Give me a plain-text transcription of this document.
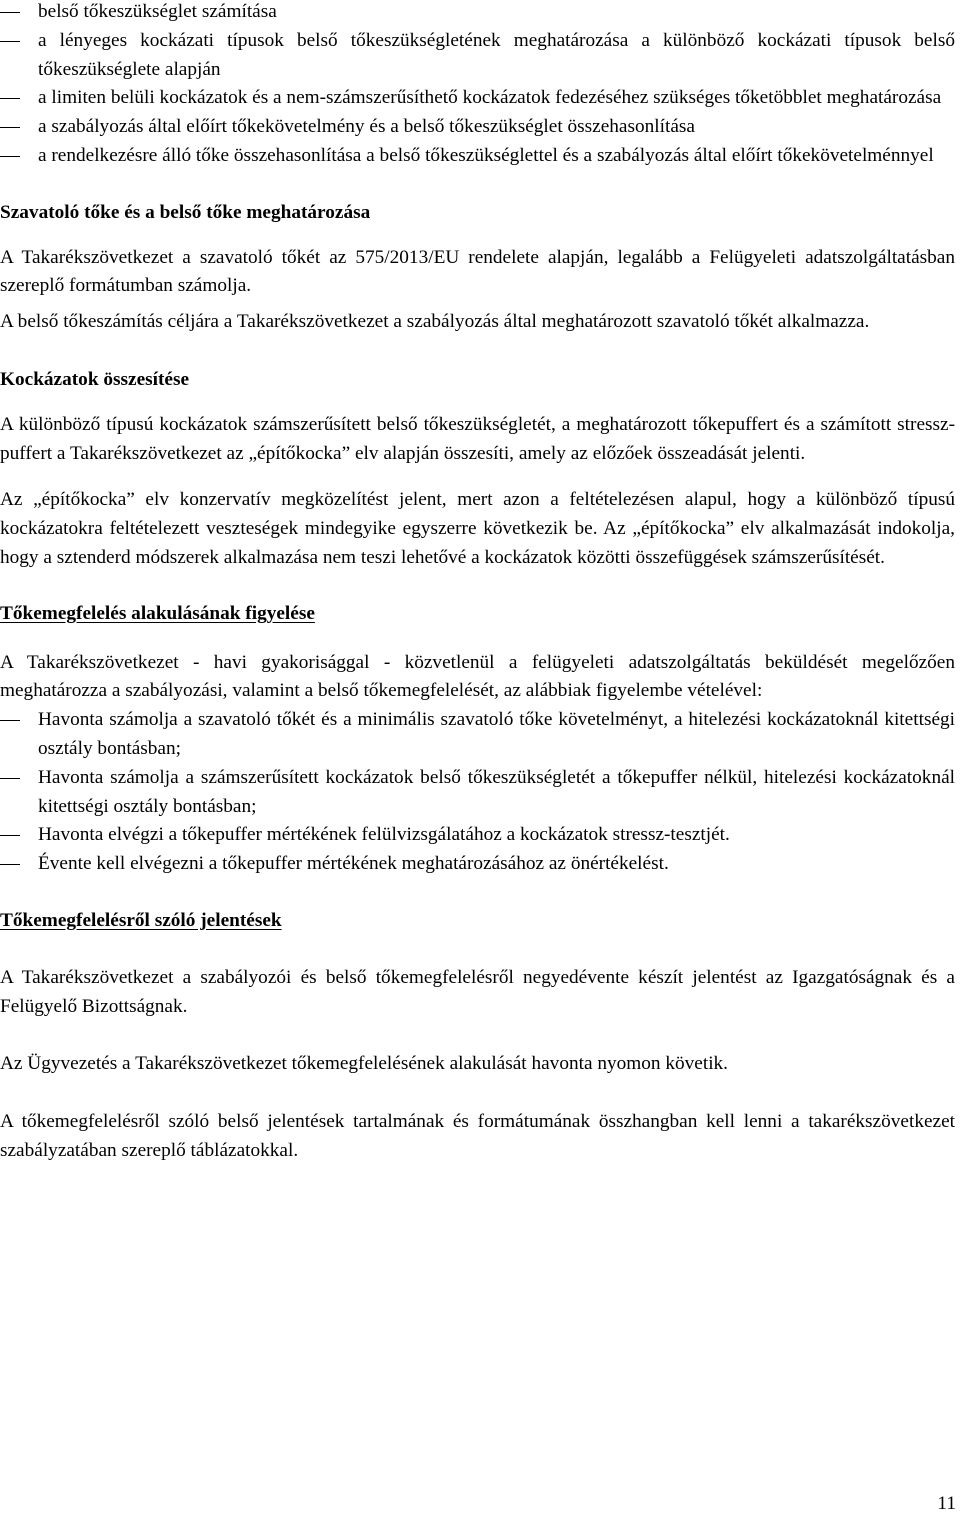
belső tőkeszükséglet számítása
a lényeges kockázati típusok belső tőkeszükségletének meghatározása a különböző kockázati típusok belső tőkeszükséglete alapján
a limiten belüli kockázatok és a nem-számszerűsíthető kockázatok fedezéséhez szükséges tőketöbblet meghatározása
a szabályozás által előírt tőkekövetelmény és a belső tőkeszükséglet összehasonlítása
a rendelkezésre álló tőke összehasonlítása a belső tőkeszükséglettel és a szabályozás által előírt tőkekövetelménnyel
Szavatoló tőke és a belső tőke meghatározása

A Takarékszövetkezet a szavatoló tőkét az 575/2013/EU rendelete alapján, legalább a Felügyeleti adatszolgáltatásban szereplő formátumban számolja.

A belső tőkeszámítás céljára a Takarékszövetkezet a szabályozás által meghatározott szavatoló tőkét alkalmazza.

Kockázatok összesítése

A különböző típusú kockázatok számszerűsített belső tőkeszükségletét, a meghatározott tőkepuffert és a számított stressz-puffert a Takarékszövetkezet az „építőkocka” elv alapján összesíti, amely az előzőek összeadását jelenti.

Az „építőkocka” elv konzervatív megközelítést jelent, mert azon a feltételezésen alapul, hogy a különböző típusú kockázatokra feltételezett veszteségek mindegyike egyszerre következik be. Az „építőkocka” elv alkalmazását indokolja, hogy a sztenderd módszerek alkalmazása nem teszi lehetővé a kockázatok közötti összefüggések számszerűsítését.

Tőkemegfelelés alakulásának figyelése

A Takarékszövetkezet - havi gyakorisággal - közvetlenül a felügyeleti adatszolgáltatás beküldését megelőzően meghatározza a szabályozási, valamint a belső tőkemegfelelését, az alábbiak figyelembe vételével:

Havonta számolja a szavatoló tőkét és a minimális szavatoló tőke követelményt, a hitelezési kockázatoknál kitettségi osztály bontásban;
Havonta számolja a számszerűsített kockázatok belső tőkeszükségletét a tőkepuffer nélkül, hitelezési kockázatoknál kitettségi osztály bontásban;
Havonta elvégzi a tőkepuffer mértékének felülvizsgálatához a kockázatok stressz-tesztjét.
Évente kell elvégezni a tőkepuffer mértékének meghatározásához az önértékelést.
Tőkemegfelelésről szóló jelentések

A Takarékszövetkezet a szabályozói és belső tőkemegfelelésről negyedévente készít jelentést az Igazgatóságnak és a Felügyelő Bizottságnak.

Az Ügyvezetés a Takarékszövetkezet tőkemegfelelésének alakulását havonta nyomon követik.

A tőkemegfelelésről szóló belső jelentések tartalmának és formátumának összhangban kell lenni a takarékszövetkezet szabályzatában szereplő táblázatokkal.

11
